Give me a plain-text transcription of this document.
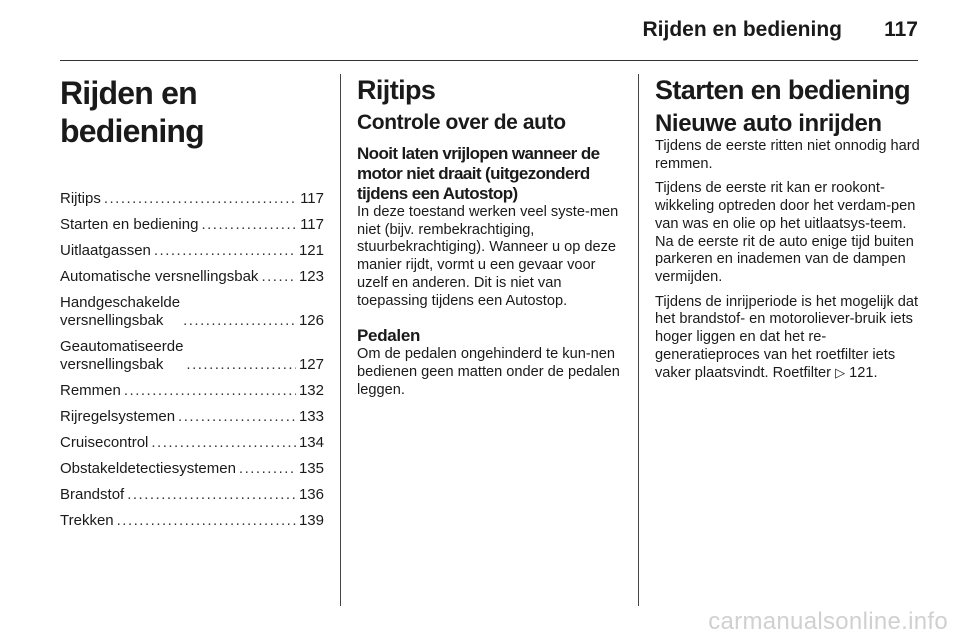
Rijden en bediening 117
Rijden en bediening
Rijtips .....	117
Starten en bediening .....	117
Uitlaatgassen .....	121
Automatische versnellingsbak .....	123
Handgeschakelde
versnellingsbak .....	126
Geautomatiseerde
versnellingsbak .....	127
Remmen .....	132
Rijregelsystemen .....	133
Cruisecontrol .....	134
Obstakeldetectiesystemen .....	135
Brandstof .....	136
Trekken .....	139
Rijtips
Controle over de auto
Nooit laten vrijlopen wanneer de motor niet draait (uitgezonderd tijdens een Autostop)

In deze toestand werken veel syste-men niet (bijv. rembekrachtiging, stuurbekrachtiging). Wanneer u op deze manier rijdt, vormt u een gevaar voor uzelf en anderen. Dit is niet van toepassing tijdens een Autostop.

Pedalen

Om de pedalen ongehinderd te kun-nen bedienen geen matten onder de pedalen leggen.

Starten en bediening
Nieuwe auto inrijden

Tijdens de eerste ritten niet onnodig hard remmen.

Tijdens de eerste rit kan er rookont-wikkeling optreden door het verdam-pen van was en olie op het uitlaatsys-teem. Na de eerste rit de auto enige tijd buiten parkeren en inademen van de dampen vermijden.

Tijdens de inrijperiode is het mogelijk dat het brandstof- en motoroliever-bruik iets hoger liggen en dat het re-generatieproces van het roetfilter iets vaker plaatsvindt. Roetfilter ▷ 121.

carmanualsonline.info
